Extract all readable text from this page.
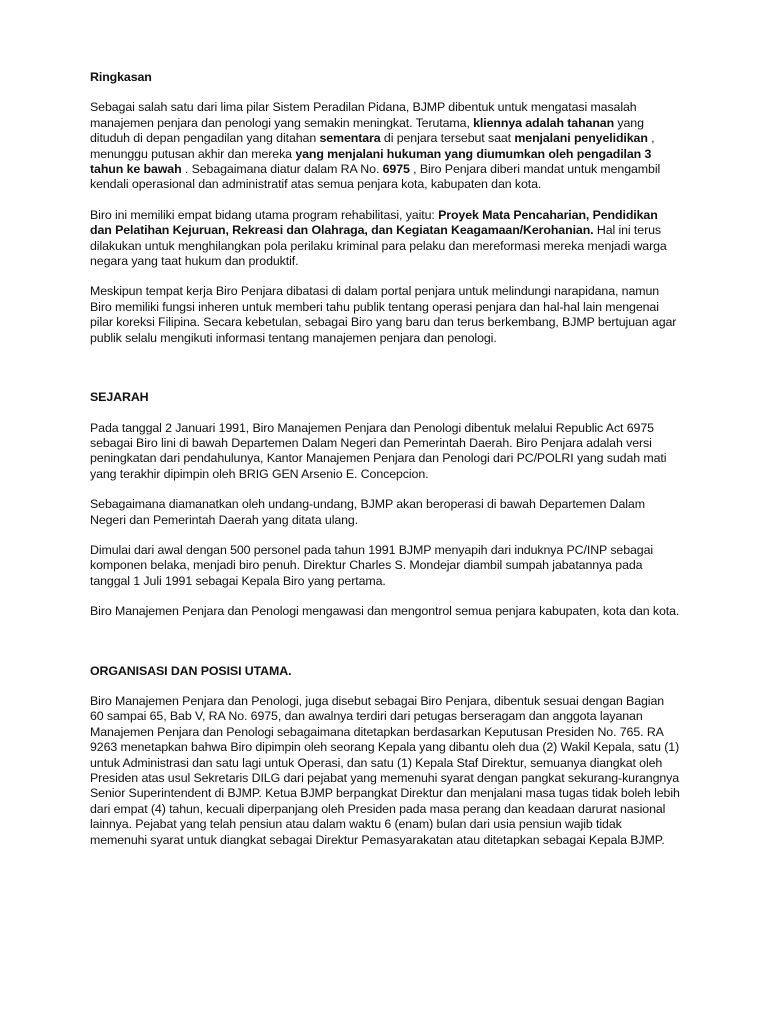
Ringkasan

Sebagai salah satu dari lima pilar Sistem Peradilan Pidana, BJMP dibentuk untuk mengatasi masalah manajemen penjara dan penologi yang semakin meningkat. Terutama, kliennya adalah tahanan yang dituduh di depan pengadilan yang ditahan sementara di penjara tersebut saat menjalani penyelidikan , menunggu putusan akhir dan mereka yang menjalani hukuman yang diumumkan oleh pengadilan 3 tahun ke bawah . Sebagaimana diatur dalam RA No. 6975 , Biro Penjara diberi mandat untuk mengambil kendali operasional dan administratif atas semua penjara kota, kabupaten dan kota.

Biro ini memiliki empat bidang utama program rehabilitasi, yaitu: Proyek Mata Pencaharian, Pendidikan dan Pelatihan Kejuruan, Rekreasi dan Olahraga, dan Kegiatan Keagamaan/Kerohanian. Hal ini terus dilakukan untuk menghilangkan pola perilaku kriminal para pelaku dan mereformasi mereka menjadi warga negara yang taat hukum dan produktif.

Meskipun tempat kerja Biro Penjara dibatasi di dalam portal penjara untuk melindungi narapidana, namun Biro memiliki fungsi inheren untuk memberi tahu publik tentang operasi penjara dan hal-hal lain mengenai pilar koreksi Filipina. Secara kebetulan, sebagai Biro yang baru dan terus berkembang, BJMP bertujuan agar publik selalu mengikuti informasi tentang manajemen penjara dan penologi.

SEJARAH

Pada tanggal 2 Januari 1991, Biro Manajemen Penjara dan Penologi dibentuk melalui Republic Act 6975 sebagai Biro lini di bawah Departemen Dalam Negeri dan Pemerintah Daerah. Biro Penjara adalah versi peningkatan dari pendahulunya, Kantor Manajemen Penjara dan Penologi dari PC/POLRI yang sudah mati yang terakhir dipimpin oleh BRIG GEN Arsenio E. Concepcion.

Sebagaimana diamanatkan oleh undang-undang, BJMP akan beroperasi di bawah Departemen Dalam Negeri dan Pemerintah Daerah yang ditata ulang.

Dimulai dari awal dengan 500 personel pada tahun 1991 BJMP menyapih dari induknya PC/INP sebagai komponen belaka, menjadi biro penuh. Direktur Charles S. Mondejar diambil sumpah jabatannya pada tanggal 1 Juli 1991 sebagai Kepala Biro yang pertama.

Biro Manajemen Penjara dan Penologi mengawasi dan mengontrol semua penjara kabupaten, kota dan kota.

ORGANISASI DAN POSISI UTAMA.

Biro Manajemen Penjara dan Penologi, juga disebut sebagai Biro Penjara, dibentuk sesuai dengan Bagian 60 sampai 65, Bab V, RA No. 6975, dan awalnya terdiri dari petugas berseragam dan anggota layanan Manajemen Penjara dan Penologi sebagaimana ditetapkan berdasarkan Keputusan Presiden No. 765. RA 9263 menetapkan bahwa Biro dipimpin oleh seorang Kepala yang dibantu oleh dua (2) Wakil Kepala, satu (1) untuk Administrasi dan satu lagi untuk Operasi, dan satu (1) Kepala Staf Direktur, semuanya diangkat oleh Presiden atas usul Sekretaris DILG dari pejabat yang memenuhi syarat dengan pangkat sekurang-kurangnya Senior Superintendent di BJMP. Ketua BJMP berpangkat Direktur dan menjalani masa tugas tidak boleh lebih dari empat (4) tahun, kecuali diperpanjang oleh Presiden pada masa perang dan keadaan darurat nasional lainnya. Pejabat yang telah pensiun atau dalam waktu 6 (enam) bulan dari usia pensiun wajib tidak memenuhi syarat untuk diangkat sebagai Direktur Pemasyarakatan atau ditetapkan sebagai Kepala BJMP.
